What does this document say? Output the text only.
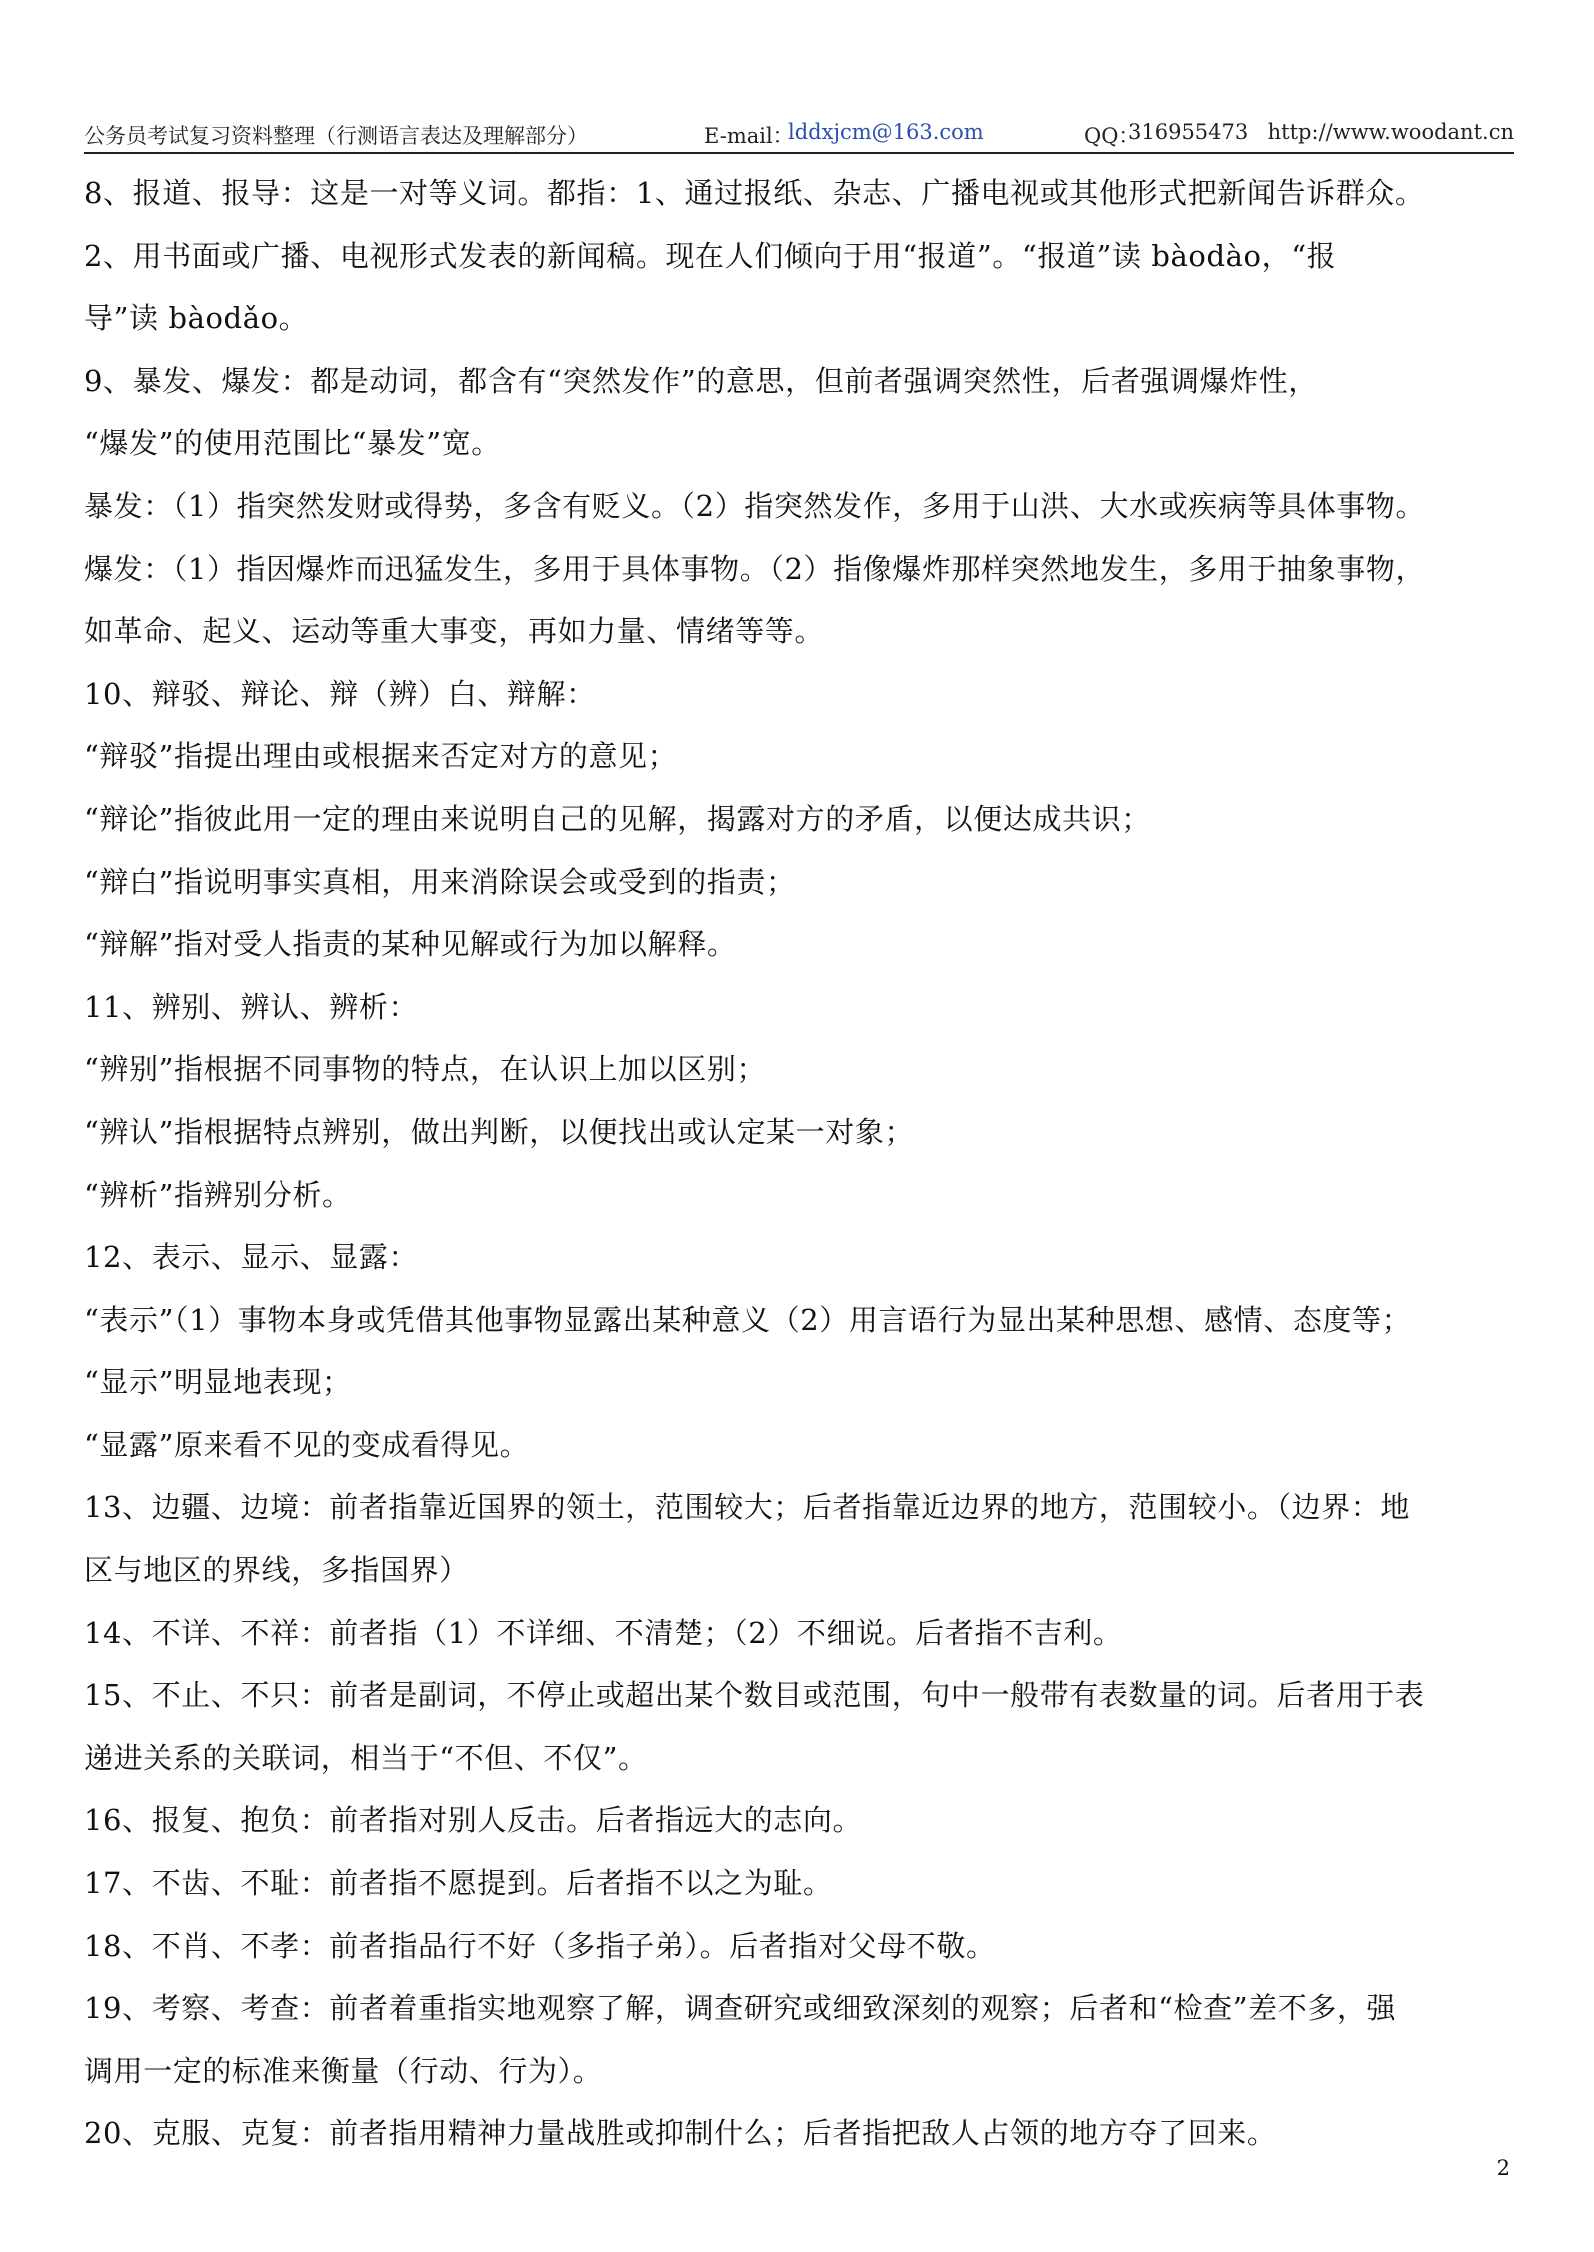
公务员考试复习资料整理（行测语言表达及理解部分）	E-mail：
lddxjcm@163.com	QQ：
316955473 http://www.woodant.cn
8、报道、报导：这是一对等义词。都指：1、通过报纸、杂志、广播电视或其他形式把新闻告诉群众。
2、用书面或广播、电视形式发表的新闻稿。现在人们倾向于用“报道”。“报道”读 bàodào，“报
导”读 bàodǎo。
9、暴发、爆发：都是动词，都含有“突然发作”的意思，但前者强调突然性，后者强调爆炸性，
“爆发”的使用范围比“暴发”宽。
暴发：（1）指突然发财或得势，多含有贬义。（2）指突然发作，多用于山洪、大水或疾病等具体事物。
爆发：（1）指因爆炸而迅猛发生，多用于具体事物。（2）指像爆炸那样突然地发生，多用于抽象事物，
如革命、起义、运动等重大事变，再如力量、情绪等等。
10、辩驳、辩论、辩（辨）白、辩解：
“辩驳”指提出理由或根据来否定对方的意见；
“辩论”指彼此用一定的理由来说明自己的见解，揭露对方的矛盾，以便达成共识；
“辩白”指说明事实真相，用来消除误会或受到的指责；
“辩解”指对受人指责的某种见解或行为加以解释。
11、辨别、辨认、辨析：
“辨别”指根据不同事物的特点，在认识上加以区别；
“辨认”指根据特点辨别，做出判断，以便找出或认定某一对象；
“辨析”指辨别分析。
12、表示、显示、显露：
“表示”（1）事物本身或凭借其他事物显露出某种意义（2）用言语行为显出某种思想、感情、态度等；
“显示”明显地表现；
“显露”原来看不见的变成看得见。
13、边疆、边境：前者指靠近国界的领土，范围较大；后者指靠近边界的地方，范围较小。（边界：地
区与地区的界线，多指国界）
14、不详、不祥：前者指（1）不详细、不清楚；（2）不细说。后者指不吉利。
15、不止、不只：前者是副词，不停止或超出某个数目或范围，句中一般带有表数量的词。后者用于表
递进关系的关联词，相当于“不但、不仅”。
16、报复、抱负：前者指对别人反击。后者指远大的志向。
17、不齿、不耻：前者指不愿提到。后者指不以之为耻。
18、不肖、不孝：前者指品行不好（多指子弟）。后者指对父母不敬。
19、考察、考查：前者着重指实地观察了解，调查研究或细致深刻的观察；后者和“检查”差不多，强
调用一定的标准来衡量（行动、行为）。
20、克服、克复：前者指用精神力量战胜或抑制什么；后者指把敌人占领的地方夺了回来。
2
